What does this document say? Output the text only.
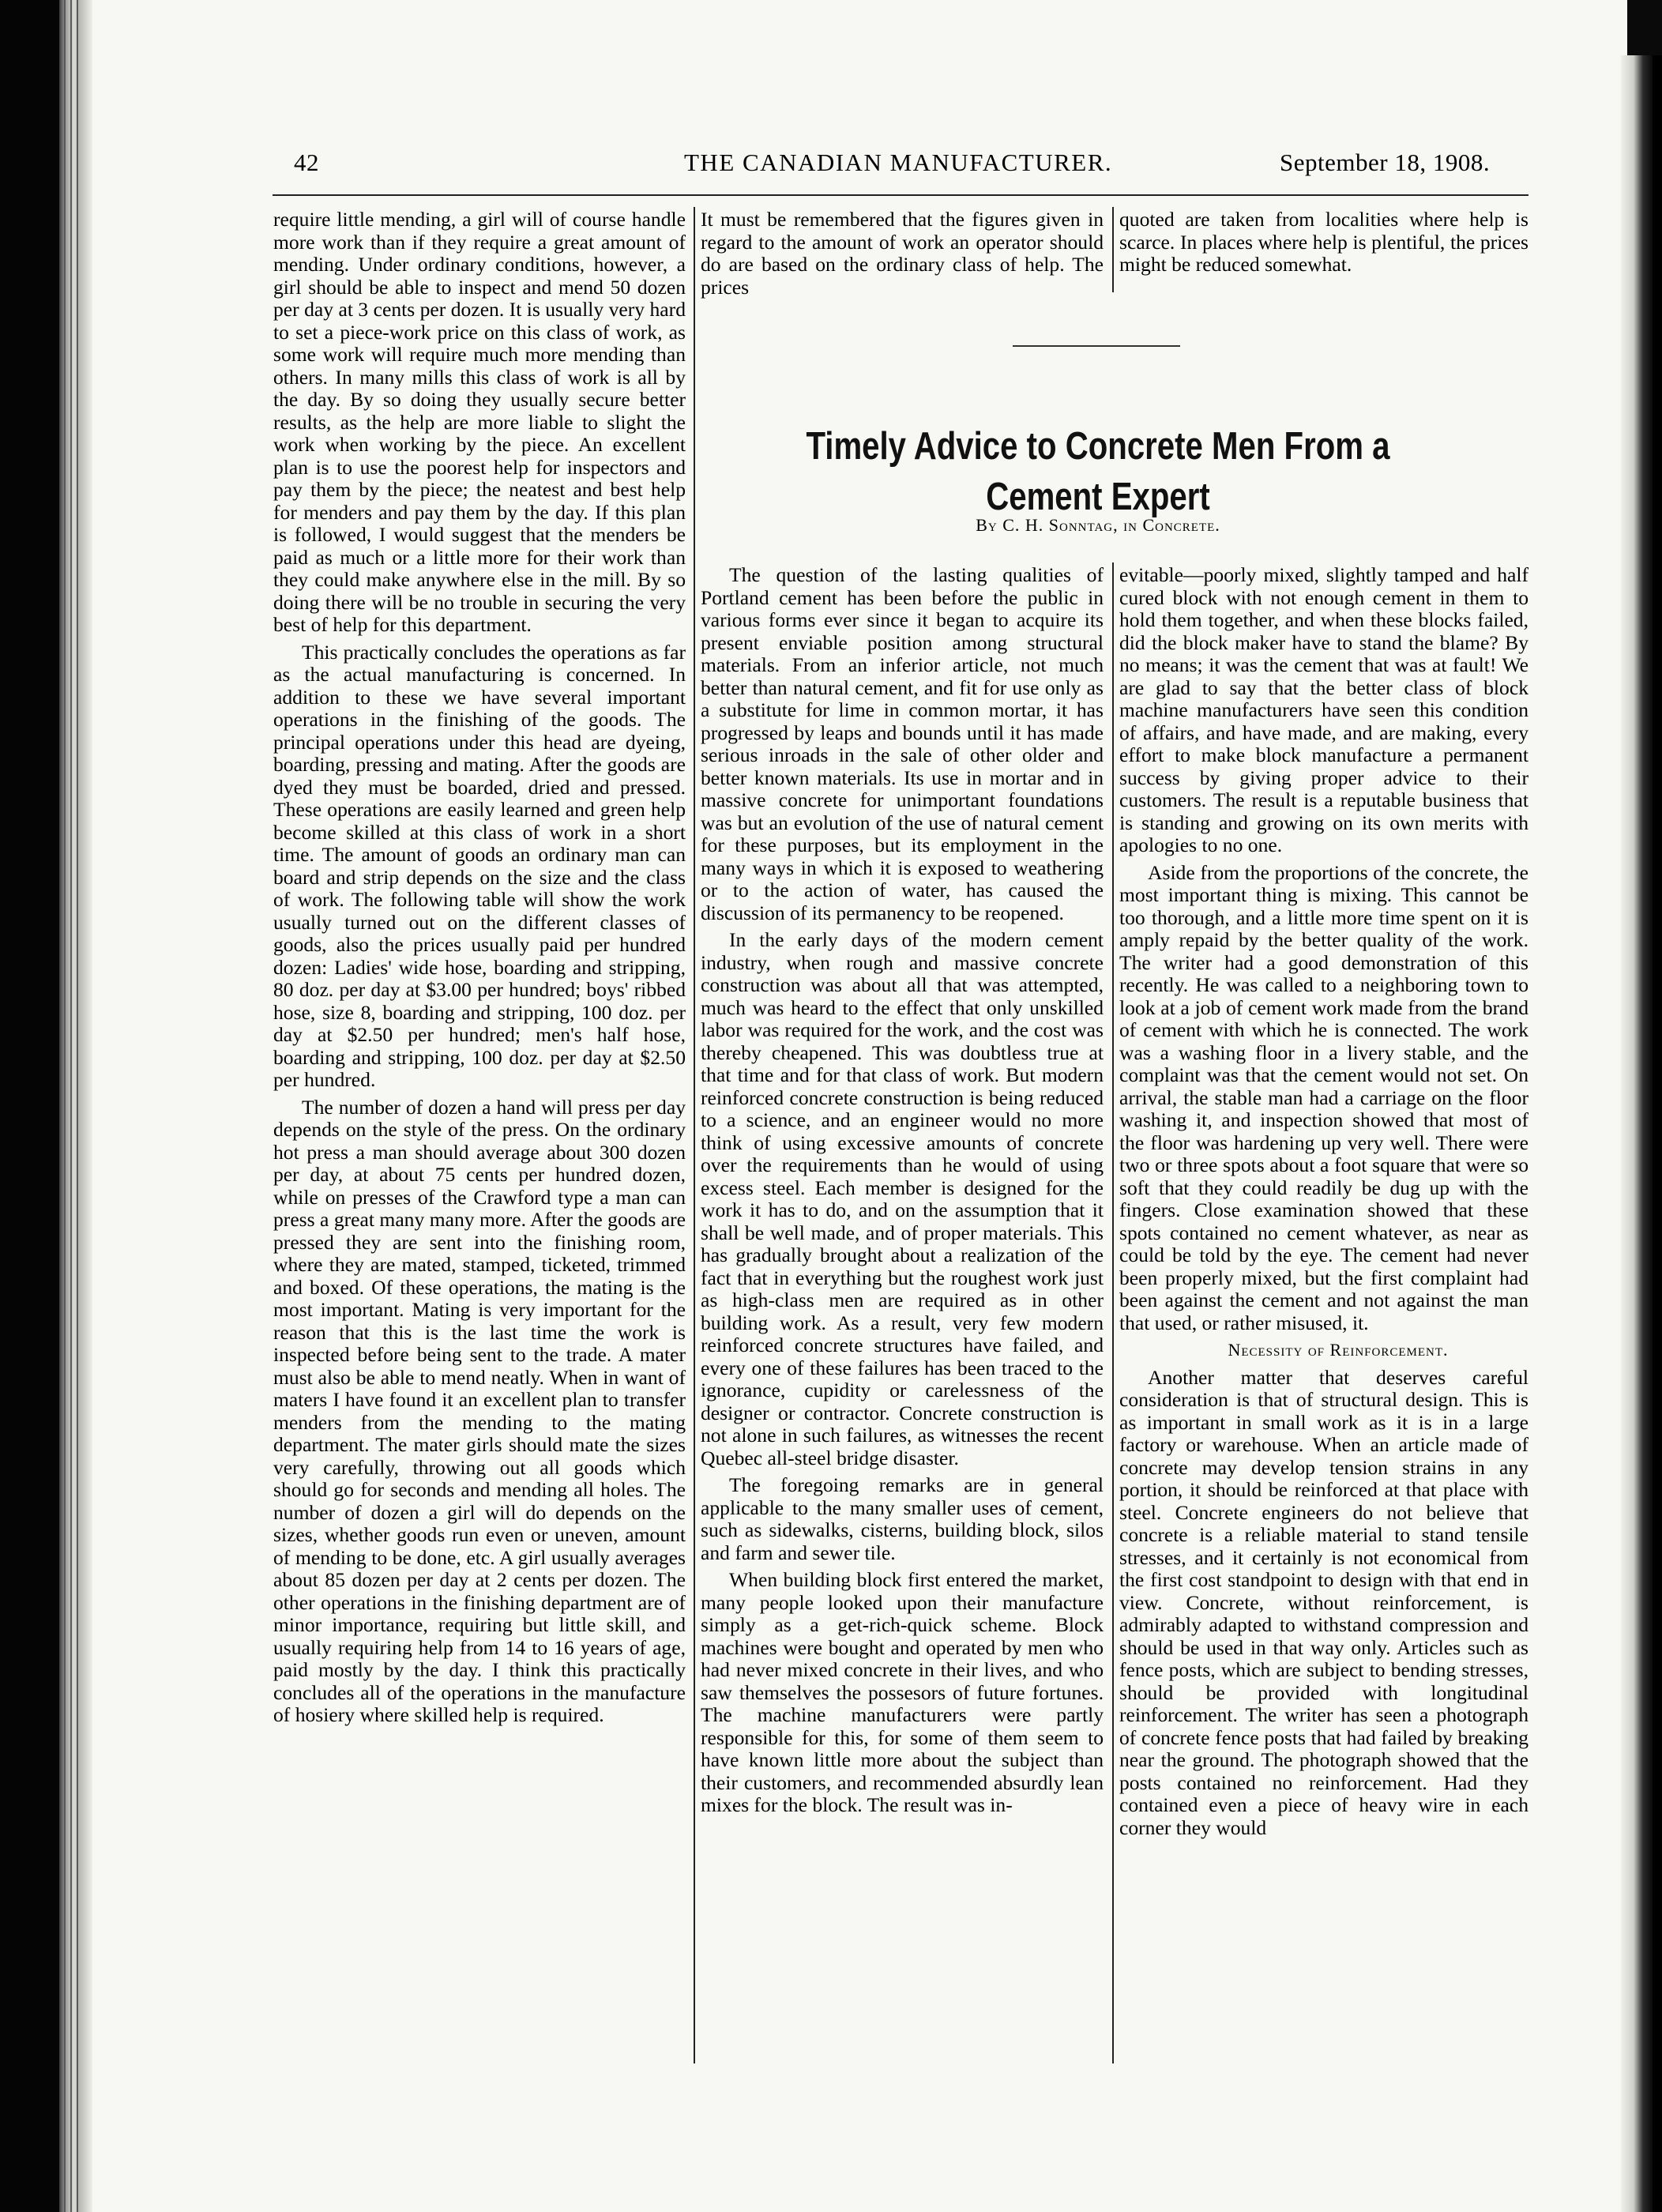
42	THE CANADIAN MANUFACTURER.	September 18, 1908.

require little mending, a girl will of course handle more work than if they require a great amount of mending. Under ordinary conditions, however, a girl should be able to inspect and mend 50 dozen per day at 3 cents per dozen. It is usually very hard to set a piece-work price on this class of work, as some work will require much more mending than others. In many mills this class of work is all by the day. By so doing they usually secure better results, as the help are more liable to slight the work when working by the piece. An excellent plan is to use the poorest help for inspectors and pay them by the piece; the neatest and best help for menders and pay them by the day. If this plan is followed, I would suggest that the menders be paid as much or a little more for their work than they could make anywhere else in the mill. By so doing there will be no trouble in securing the very best of help for this department.

This practically concludes the operations as far as the actual manufacturing is concerned. In addition to these we have several important operations in the finishing of the goods. The principal operations under this head are dyeing, boarding, pressing and mating. After the goods are dyed they must be boarded, dried and pressed. These operations are easily learned and green help become skilled at this class of work in a short time. The amount of goods an ordinary man can board and strip depends on the size and the class of work. The following table will show the work usually turned out on the different classes of goods, also the prices usually paid per hundred dozen: Ladies' wide hose, boarding and stripping, 80 doz. per day at $3.00 per hundred; boys' ribbed hose, size 8, boarding and stripping, 100 doz. per day at $2.50 per hundred; men's half hose, boarding and stripping, 100 doz. per day at $2.50 per hundred.

The number of dozen a hand will press per day depends on the style of the press. On the ordinary hot press a man should average about 300 dozen per day, at about 75 cents per hundred dozen, while on presses of the Crawford type a man can press a great many many more. After the goods are pressed they are sent into the finishing room, where they are mated, stamped, ticketed, trimmed and boxed. Of these operations, the mating is the most important. Mating is very important for the reason that this is the last time the work is inspected before being sent to the trade. A mater must also be able to mend neatly. When in want of maters I have found it an excellent plan to transfer menders from the mending to the mating department. The mater girls should mate the sizes very carefully, throwing out all goods which should go for seconds and mending all holes. The number of dozen a girl will do depends on the sizes, whether goods run even or uneven, amount of mending to be done, etc. A girl usually averages about 85 dozen per day at 2 cents per dozen. The other operations in the finishing department are of minor importance, requiring but little skill, and usually requiring help from 14 to 16 years of age, paid mostly by the day. I think this practically concludes all of the operations in the manufacture of hosiery where skilled help is required.

It must be remembered that the figures given in regard to the amount of work an operator should do are based on the ordinary class of help. The prices

quoted are taken from localities where help is scarce. In places where help is plentiful, the prices might be reduced somewhat.

Timely Advice to Concrete Men From a Cement Expert
By C. H. Sonntag, in Concrete.

The question of the lasting qualities of Portland cement has been before the public in various forms ever since it began to acquire its present enviable position among structural materials. From an inferior article, not much better than natural cement, and fit for use only as a substitute for lime in common mortar, it has progressed by leaps and bounds until it has made serious inroads in the sale of other older and better known materials. Its use in mortar and in massive concrete for unimportant foundations was but an evolution of the use of natural cement for these purposes, but its employment in the many ways in which it is exposed to weathering or to the action of water, has caused the discussion of its permanency to be reopened.

In the early days of the modern cement industry, when rough and massive concrete construction was about all that was attempted, much was heard to the effect that only unskilled labor was required for the work, and the cost was thereby cheapened. This was doubtless true at that time and for that class of work. But modern reinforced concrete construction is being reduced to a science, and an engineer would no more think of using excessive amounts of concrete over the requirements than he would of using excess steel. Each member is designed for the work it has to do, and on the assumption that it shall be well made, and of proper materials. This has gradually brought about a realization of the fact that in everything but the roughest work just as high-class men are required as in other building work. As a result, very few modern reinforced concrete structures have failed, and every one of these failures has been traced to the ignorance, cupidity or carelessness of the designer or contractor. Concrete construction is not alone in such failures, as witnesses the recent Quebec all-steel bridge disaster.

The foregoing remarks are in general applicable to the many smaller uses of cement, such as sidewalks, cisterns, building block, silos and farm and sewer tile.

When building block first entered the market, many people looked upon their manufacture simply as a get-rich-quick scheme. Block machines were bought and operated by men who had never mixed concrete in their lives, and who saw themselves the possesors of future fortunes. The machine manufacturers were partly responsible for this, for some of them seem to have known little more about the subject than their customers, and recommended absurdly lean mixes for the block. The result was in-

evitable—poorly mixed, slightly tamped and half cured block with not enough cement in them to hold them together, and when these blocks failed, did the block maker have to stand the blame? By no means; it was the cement that was at fault! We are glad to say that the better class of block machine manufacturers have seen this condition of affairs, and have made, and are making, every effort to make block manufacture a permanent success by giving proper advice to their customers. The result is a reputable business that is standing and growing on its own merits with apologies to no one.

Aside from the proportions of the concrete, the most important thing is mixing. This cannot be too thorough, and a little more time spent on it is amply repaid by the better quality of the work. The writer had a good demonstration of this recently. He was called to a neighboring town to look at a job of cement work made from the brand of cement with which he is connected. The work was a washing floor in a livery stable, and the complaint was that the cement would not set. On arrival, the stable man had a carriage on the floor washing it, and inspection showed that most of the floor was hardening up very well. There were two or three spots about a foot square that were so soft that they could readily be dug up with the fingers. Close examination showed that these spots contained no cement whatever, as near as could be told by the eye. The cement had never been properly mixed, but the first complaint had been against the cement and not against the man that used, or rather misused, it.

Necessity of Reinforcement.

Another matter that deserves careful consideration is that of structural design. This is as important in small work as it is in a large factory or warehouse. When an article made of concrete may develop tension strains in any portion, it should be reinforced at that place with steel. Concrete engineers do not believe that concrete is a reliable material to stand tensile stresses, and it certainly is not economical from the first cost standpoint to design with that end in view. Concrete, without reinforcement, is admirably adapted to withstand compression and should be used in that way only. Articles such as fence posts, which are subject to bending stresses, should be provided with longitudinal reinforcement. The writer has seen a photograph of concrete fence posts that had failed by breaking near the ground. The photograph showed that the posts contained no reinforcement. Had they contained even a piece of heavy wire in each corner they would
